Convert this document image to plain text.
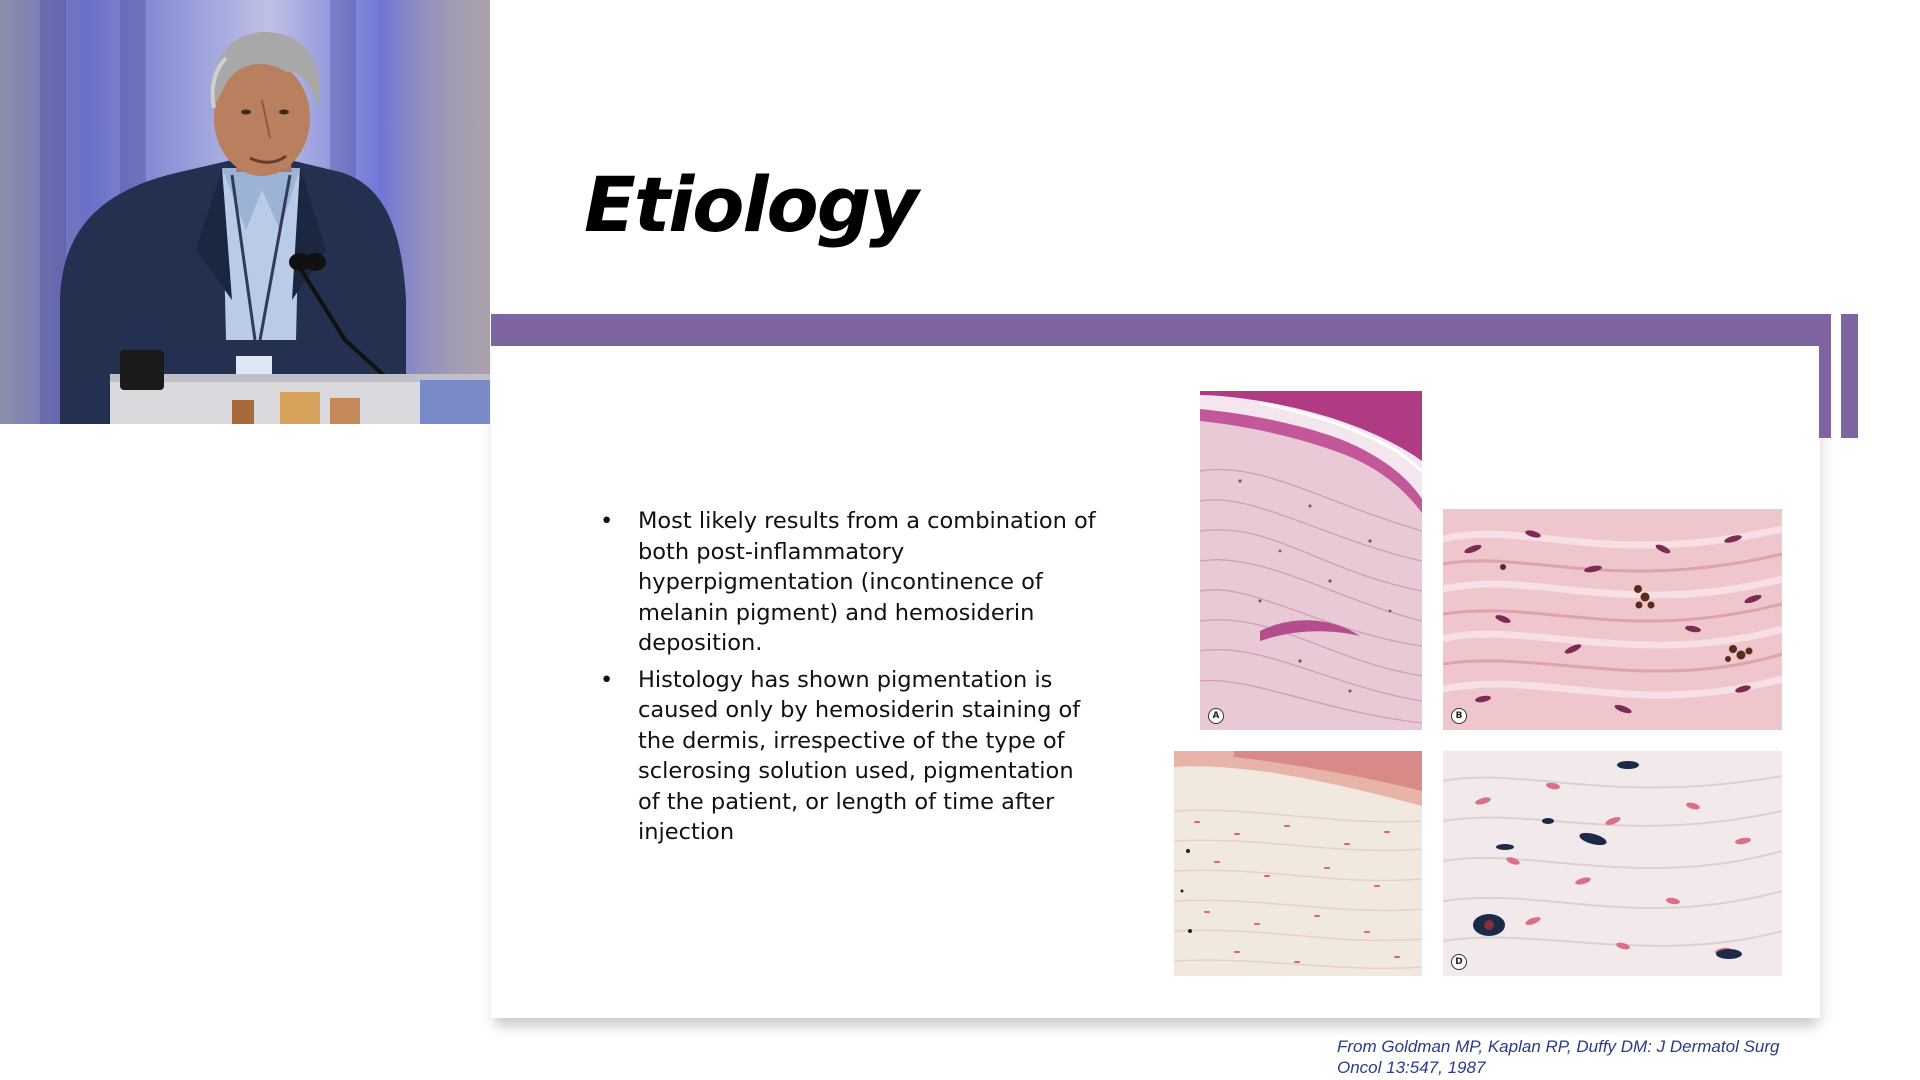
Etiology
• Most likely results from a combination of both post-inflammatory hyperpigmentation (incontinence of melanin pigment) and hemosiderin deposition.
• Histology has shown pigmentation is caused only by hemosiderin staining of the dermis, irrespective of the type of sclerosing solution used, pigmentation of the patient, or length of time after injection
A	B
D
From Goldman MP, Kaplan RP, Duffy DM: J Dermatol Surg
Oncol 13:547, 1987
